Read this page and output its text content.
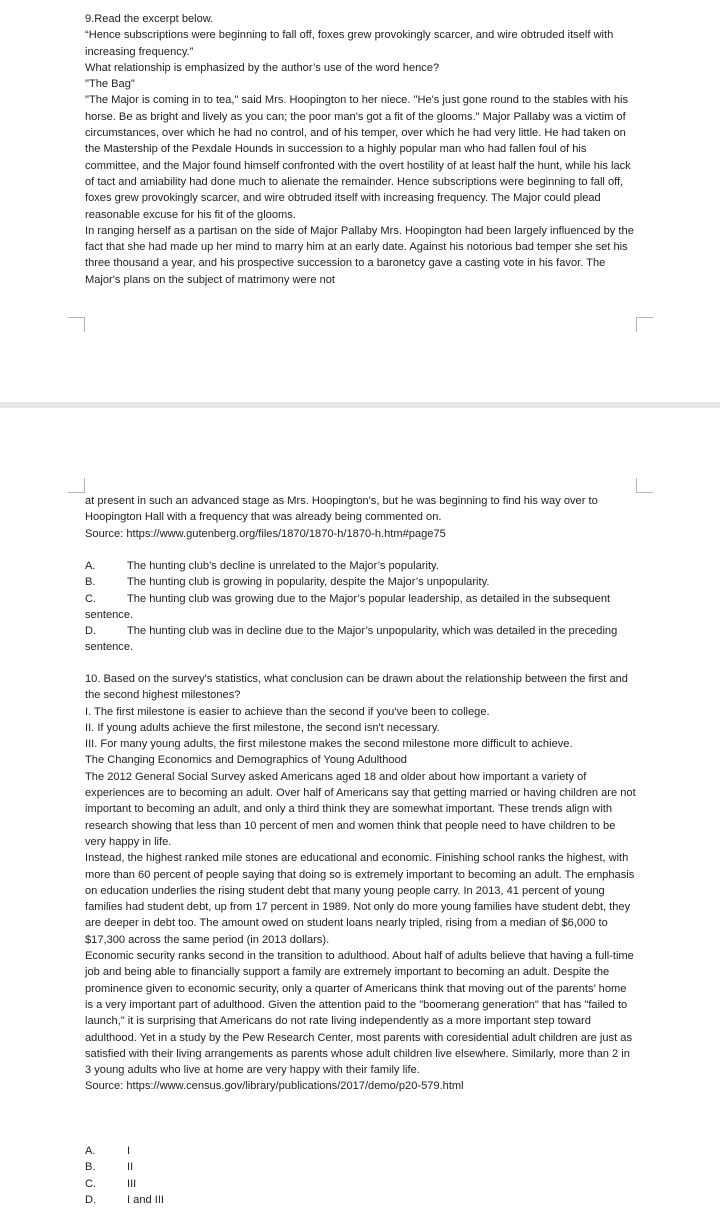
9.Read the excerpt below.

“Hence subscriptions were beginning to fall off, foxes grew provokingly scarcer, and wire obtruded itself with increasing frequency.”

What relationship is emphasized by the author’s use of the word hence?

"The Bag"

"The Major is coming in to tea," said Mrs. Hoopington to her niece. "He's just gone round to the stables with his horse. Be as bright and lively as you can; the poor man's got a fit of the glooms." Major Pallaby was a victim of circumstances, over which he had no control, and of his temper, over which he had very little. He had taken on the Mastership of the Pexdale Hounds in succession to a highly popular man who had fallen foul of his committee, and the Major found himself confronted with the overt hostility of at least half the hunt, while his lack of tact and amiability had done much to alienate the remainder. Hence subscriptions were beginning to fall off, foxes grew provokingly scarcer, and wire obtruded itself with increasing frequency. The Major could plead reasonable excuse for his fit of the glooms.

In ranging herself as a partisan on the side of Major Pallaby Mrs. Hoopington had been largely influenced by the fact that she had made up her mind to marry him at an early date. Against his notorious bad temper she set his three thousand a year, and his prospective succession to a baronetcy gave a casting vote in his favor. The Major's plans on the subject of matrimony were not

at present in such an advanced stage as Mrs. Hoopington's, but he was beginning to find his way over to Hoopington Hall with a frequency that was already being commented on.

Source: https://www.gutenberg.org/files/1870/1870-h/1870-h.htm#page75

A.	The hunting club’s decline is unrelated to the Major’s popularity.

B.	The hunting club is growing in popularity, despite the Major’s unpopularity.

C.	The hunting club was growing due to the Major’s popular leadership, as detailed in the subsequent sentence.

D.	The hunting club was in decline due to the Major’s unpopularity, which was detailed in the preceding sentence.

10. Based on the survey's statistics, what conclusion can be drawn about the relationship between the first and the second highest milestones?

I. The first milestone is easier to achieve than the second if you've been to college.

II. If young adults achieve the first milestone, the second isn't necessary.

III. For many young adults, the first milestone makes the second milestone more difficult to achieve.

The Changing Economics and Demographics of Young Adulthood

The 2012 General Social Survey asked Americans aged 18 and older about how important a variety of experiences are to becoming an adult. Over half of Americans say that getting married or having children are not important to becoming an adult, and only a third think they are somewhat important. These trends align with research showing that less than 10 percent of men and women think that people need to have children to be very happy in life.

Instead, the highest ranked mile stones are educational and economic. Finishing school ranks the highest, with more than 60 percent of people saying that doing so is extremely important to becoming an adult. The emphasis on education underlies the rising student debt that many young people carry. In 2013, 41 percent of young families had student debt, up from 17 percent in 1989. Not only do more young families have student debt, they are deeper in debt too. The amount owed on student loans nearly tripled, rising from a median of $6,000 to $17,300 across the same period (in 2013 dollars).

Economic security ranks second in the transition to adulthood. About half of adults believe that having a full-time job and being able to financially support a family are extremely important to becoming an adult. Despite the prominence given to economic security, only a quarter of Americans think that moving out of the parents’ home is a very important part of adulthood. Given the attention paid to the "boomerang generation" that has "failed to launch," it is surprising that Americans do not rate living independently as a more important step toward adulthood. Yet in a study by the Pew Research Center, most parents with coresidential adult children are just as satisfied with their living arrangements as parents whose adult children live elsewhere. Similarly, more than 2 in 3 young adults who live at home are very happy with their family life.

Source: https://www.census.gov/library/publications/2017/demo/p20-579.html

A.	I

B.	II

C.	III

D.	I and III
